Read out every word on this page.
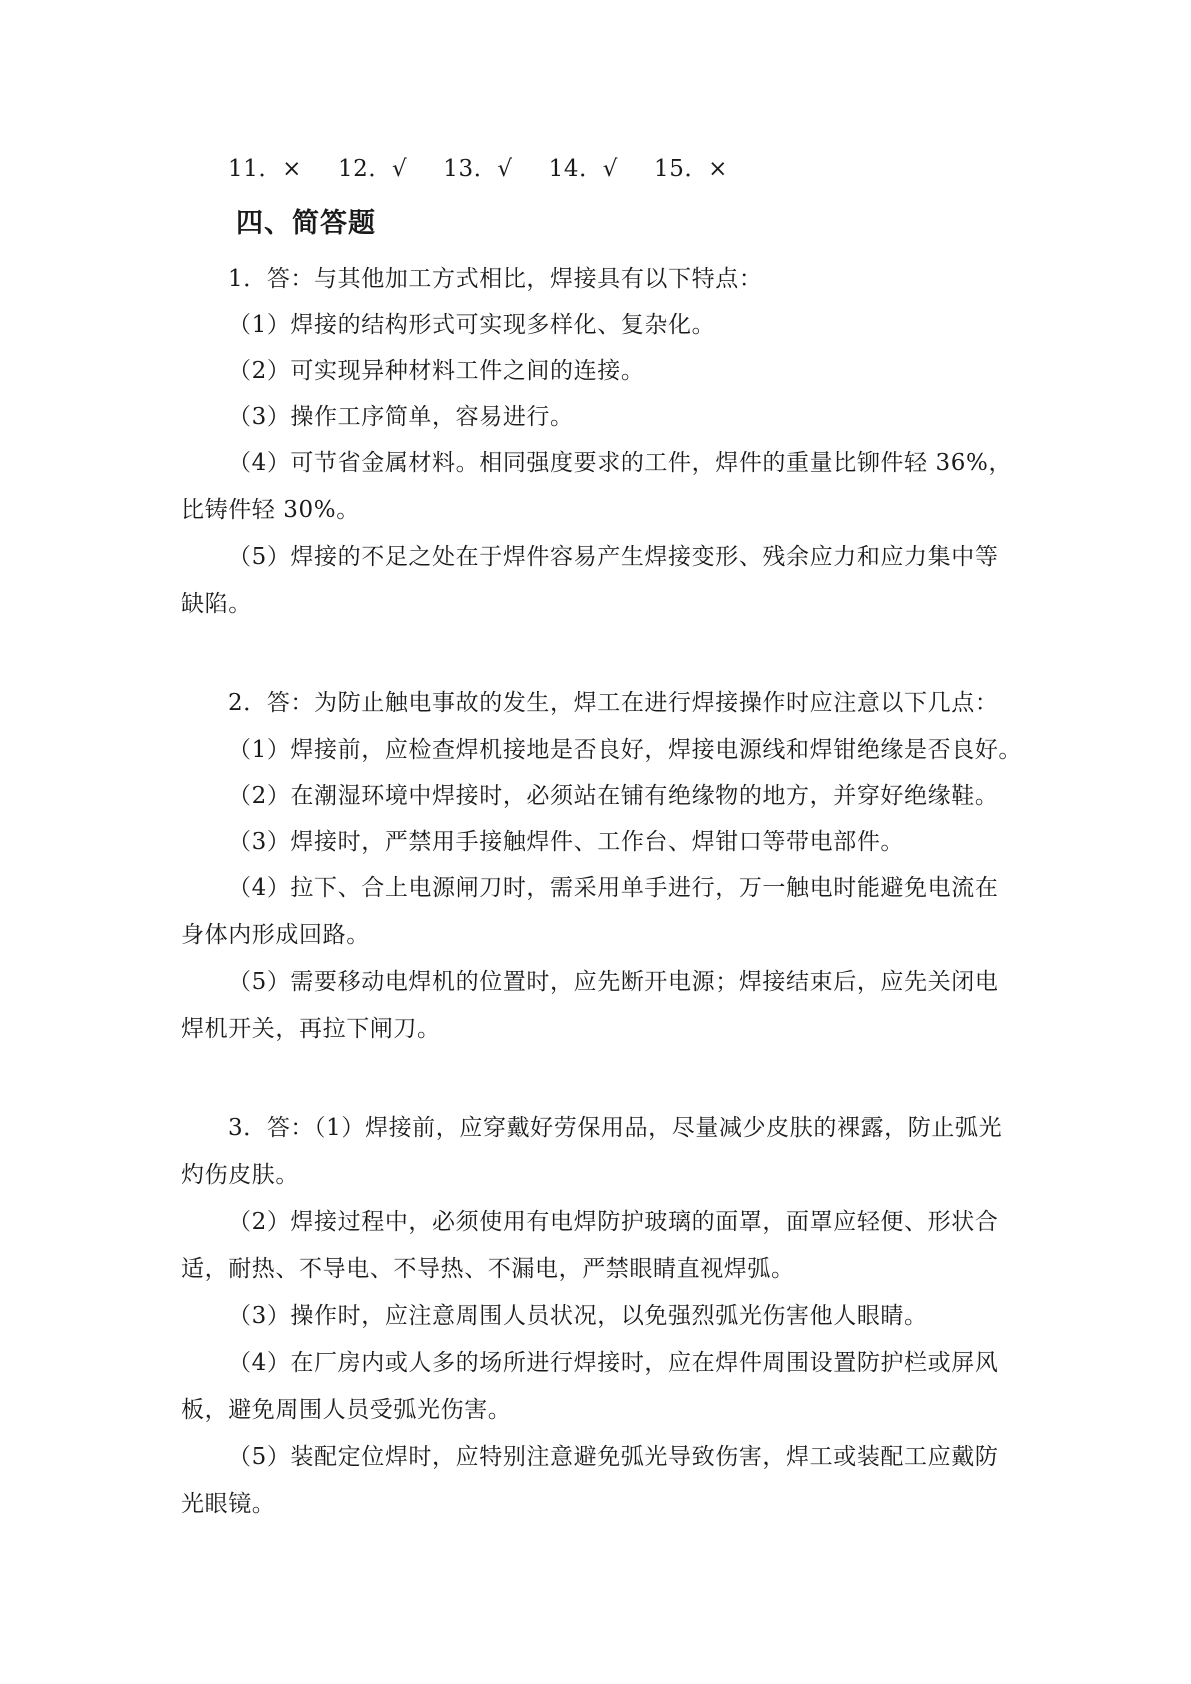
11．× 12．√ 13．√ 14．√ 15．×
四、简答题
1．答：与其他加工方式相比，焊接具有以下特点：
（1）焊接的结构形式可实现多样化、复杂化。
（2）可实现异种材料工件之间的连接。
（3）操作工序简单，容易进行。
（4）可节省金属材料。相同强度要求的工件，焊件的重量比铆件轻 36%，
比铸件轻 30%。
（5）焊接的不足之处在于焊件容易产生焊接变形、残余应力和应力集中等
缺陷。
2．答：为防止触电事故的发生，焊工在进行焊接操作时应注意以下几点：
（1）焊接前，应检查焊机接地是否良好，焊接电源线和焊钳绝缘是否良好。
（2）在潮湿环境中焊接时，必须站在铺有绝缘物的地方，并穿好绝缘鞋。
（3）焊接时，严禁用手接触焊件、工作台、焊钳口等带电部件。
（4）拉下、合上电源闸刀时，需采用单手进行，万一触电时能避免电流在
身体内形成回路。
（5）需要移动电焊机的位置时，应先断开电源；焊接结束后，应先关闭电
焊机开关，再拉下闸刀。
3．答：（1）焊接前，应穿戴好劳保用品，尽量减少皮肤的裸露，防止弧光
灼伤皮肤。
（2）焊接过程中，必须使用有电焊防护玻璃的面罩，面罩应轻便、形状合
适，耐热、不导电、不导热、不漏电，严禁眼睛直视焊弧。
（3）操作时，应注意周围人员状况，以免强烈弧光伤害他人眼睛。
（4）在厂房内或人多的场所进行焊接时，应在焊件周围设置防护栏或屏风
板，避免周围人员受弧光伤害。
（5）装配定位焊时，应特别注意避免弧光导致伤害，焊工或装配工应戴防
光眼镜。
